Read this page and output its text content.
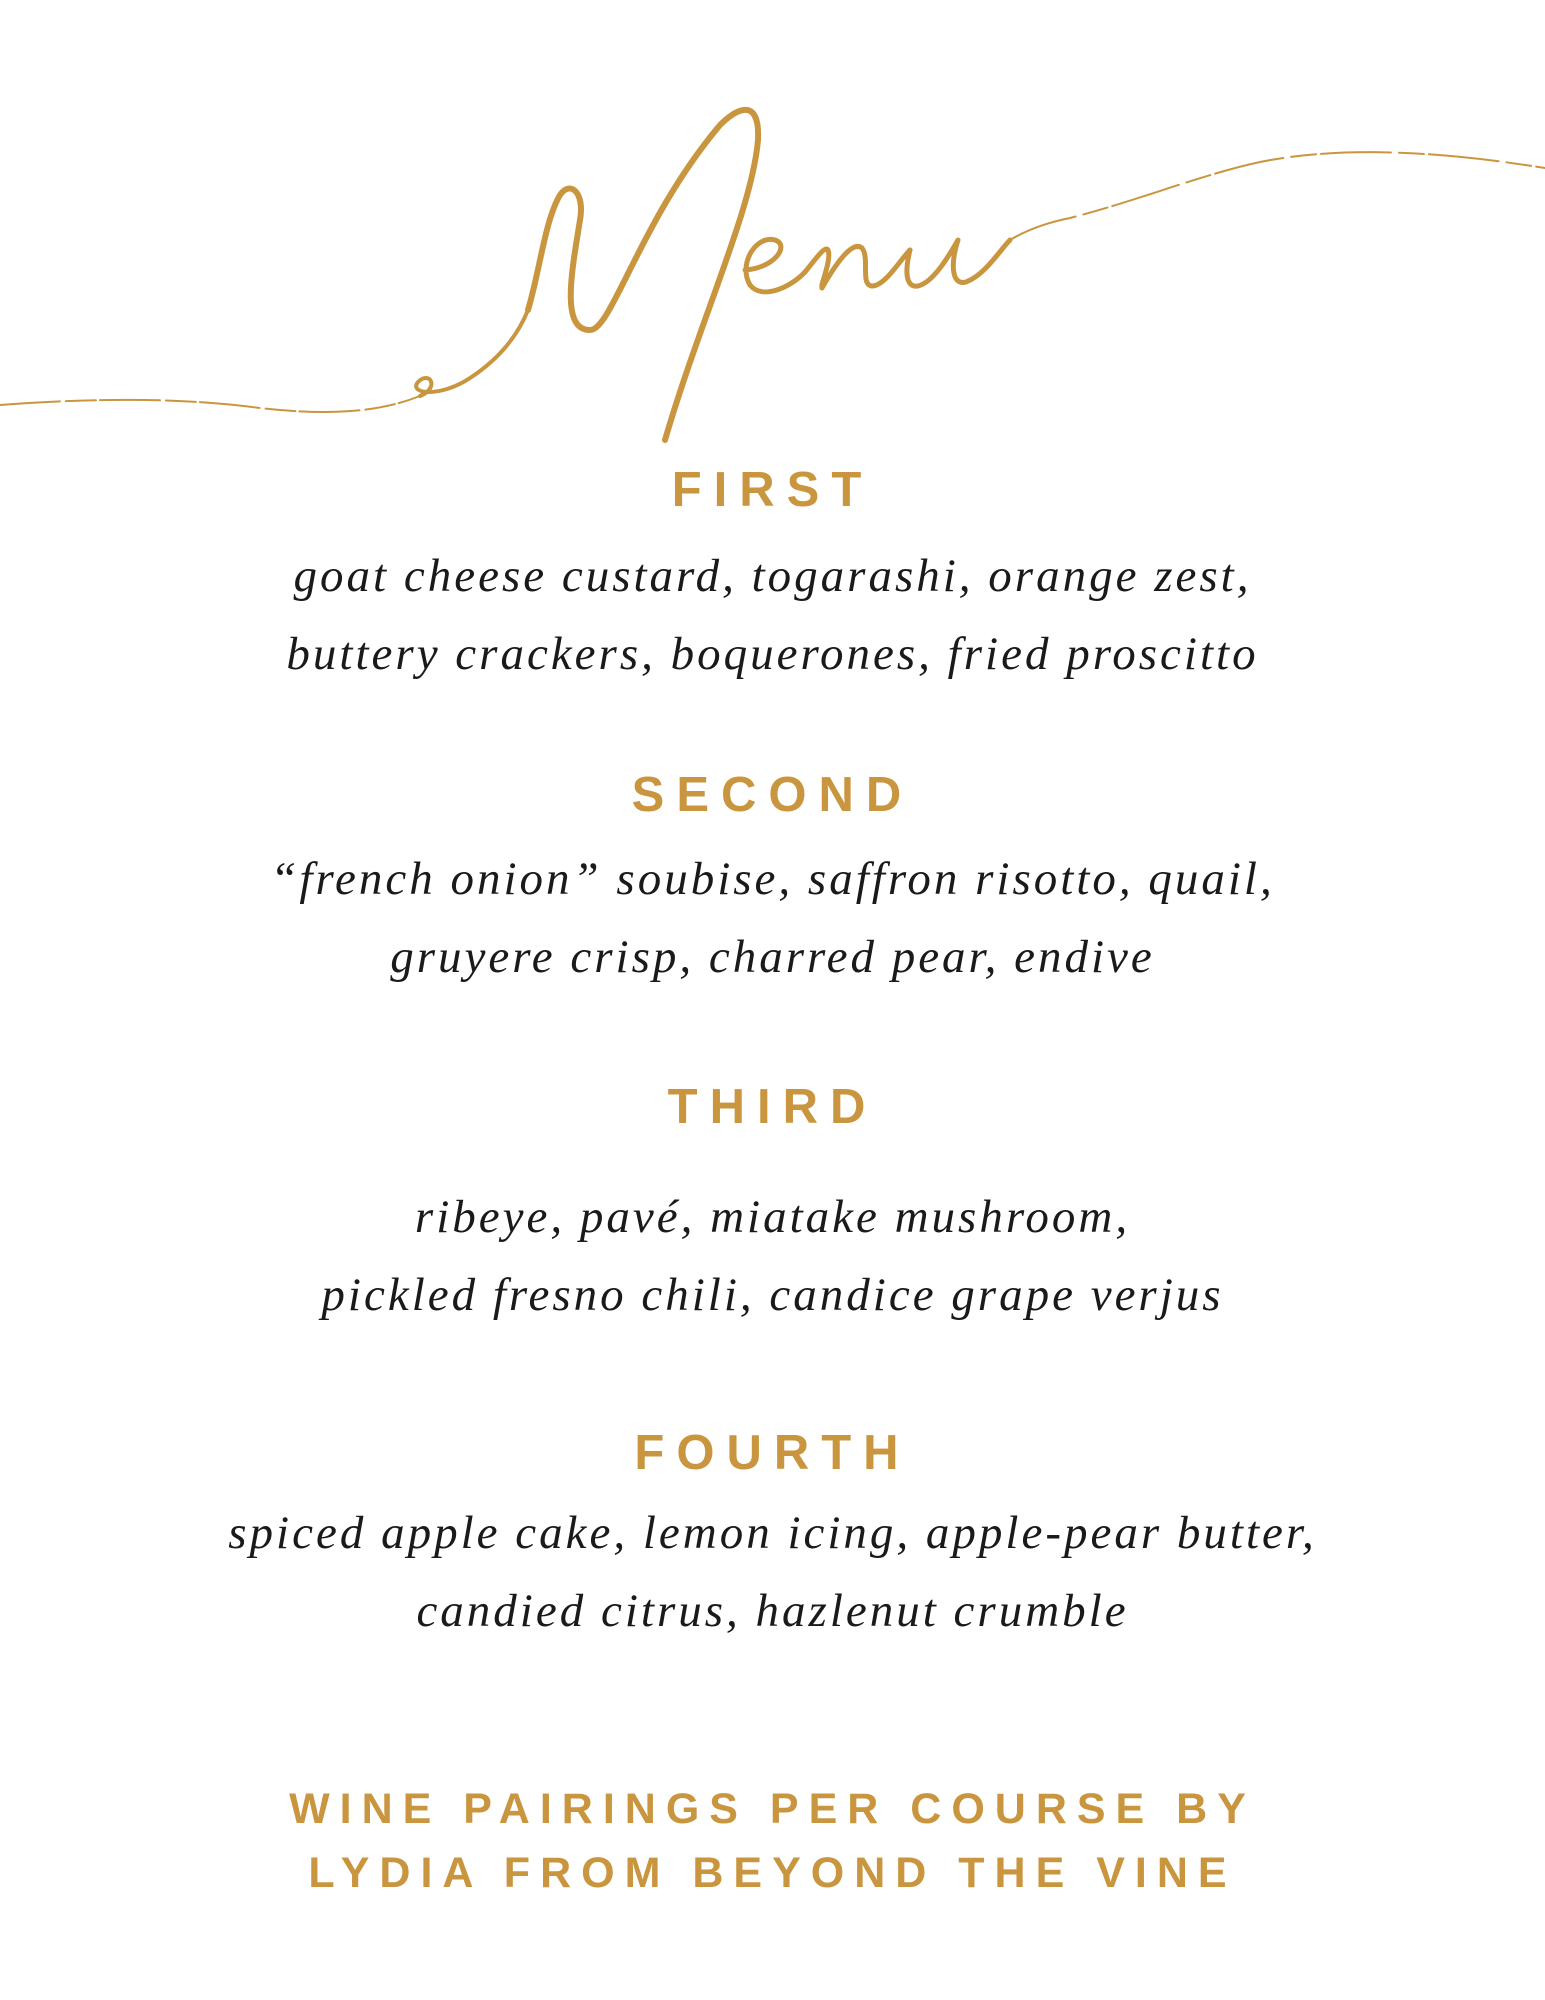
FIRST

goat cheese custard, togarashi, orange zest,

buttery crackers, boquerones, fried proscitto

SECOND

“french onion” soubise, saffron risotto, quail,

gruyere crisp, charred pear, endive

THIRD

ribeye, pavé, miatake mushroom,

pickled fresno chili, candice grape verjus

FOURTH

spiced apple cake, lemon icing, apple-pear butter,

candied citrus, hazlenut crumble

WINE PAIRINGS PER COURSE BY

LYDIA FROM BEYOND THE VINE
